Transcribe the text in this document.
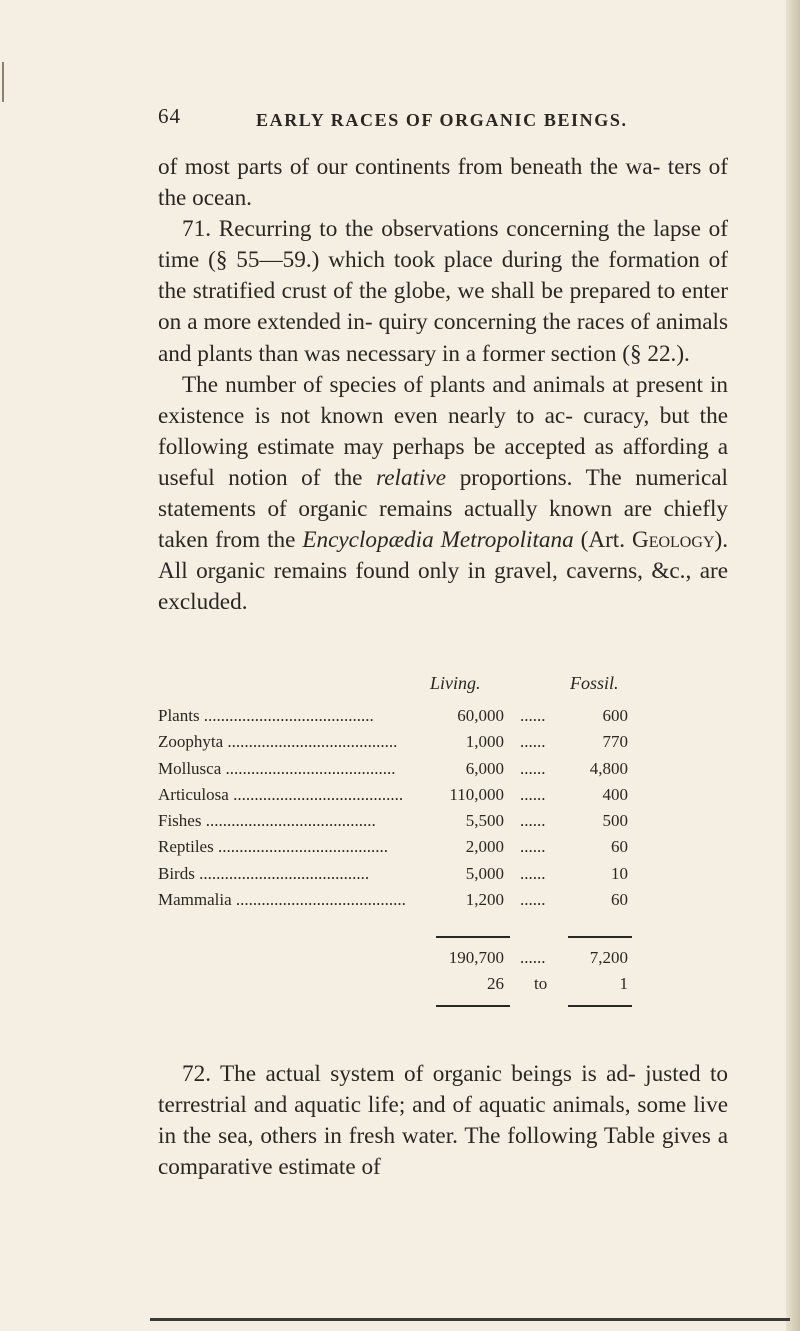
64	EARLY RACES OF ORGANIC BEINGS.

of most parts of our continents from beneath the wa- ters of the ocean.

71. Recurring to the observations concerning the lapse of time (§ 55—59.) which took place during the formation of the stratified crust of the globe, we shall be prepared to enter on a more extended in- quiry concerning the races of animals and plants than was necessary in a former section (§ 22.).

The number of species of plants and animals at present in existence is not known even nearly to ac- curacy, but the following estimate may perhaps be accepted as affording a useful notion of the relative proportions. The numerical statements of organic remains actually known are chiefly taken from the Encyclopædia Metropolitana (Art. Geology). All organic remains found only in gravel, caverns, &c., are excluded.

Living.	Fossil.
Plants ........................................	60,000 ......	600
Zoophyta ........................................	1,000 ......	770
Mollusca ........................................	6,000 ......	4,800
Articulosa ........................................	110,000 ......	400
Fishes ........................................	5,500 ......	500
Reptiles ........................................	2,000 ......	60
Birds ........................................	5,000 ......	10
Mammalia ........................................	1,200 ......	60
190,700 ......	7,200
26 to	1

72. The actual system of organic beings is ad- justed to terrestrial and aquatic life; and of aquatic animals, some live in the sea, others in fresh water. The following Table gives a comparative estimate of
